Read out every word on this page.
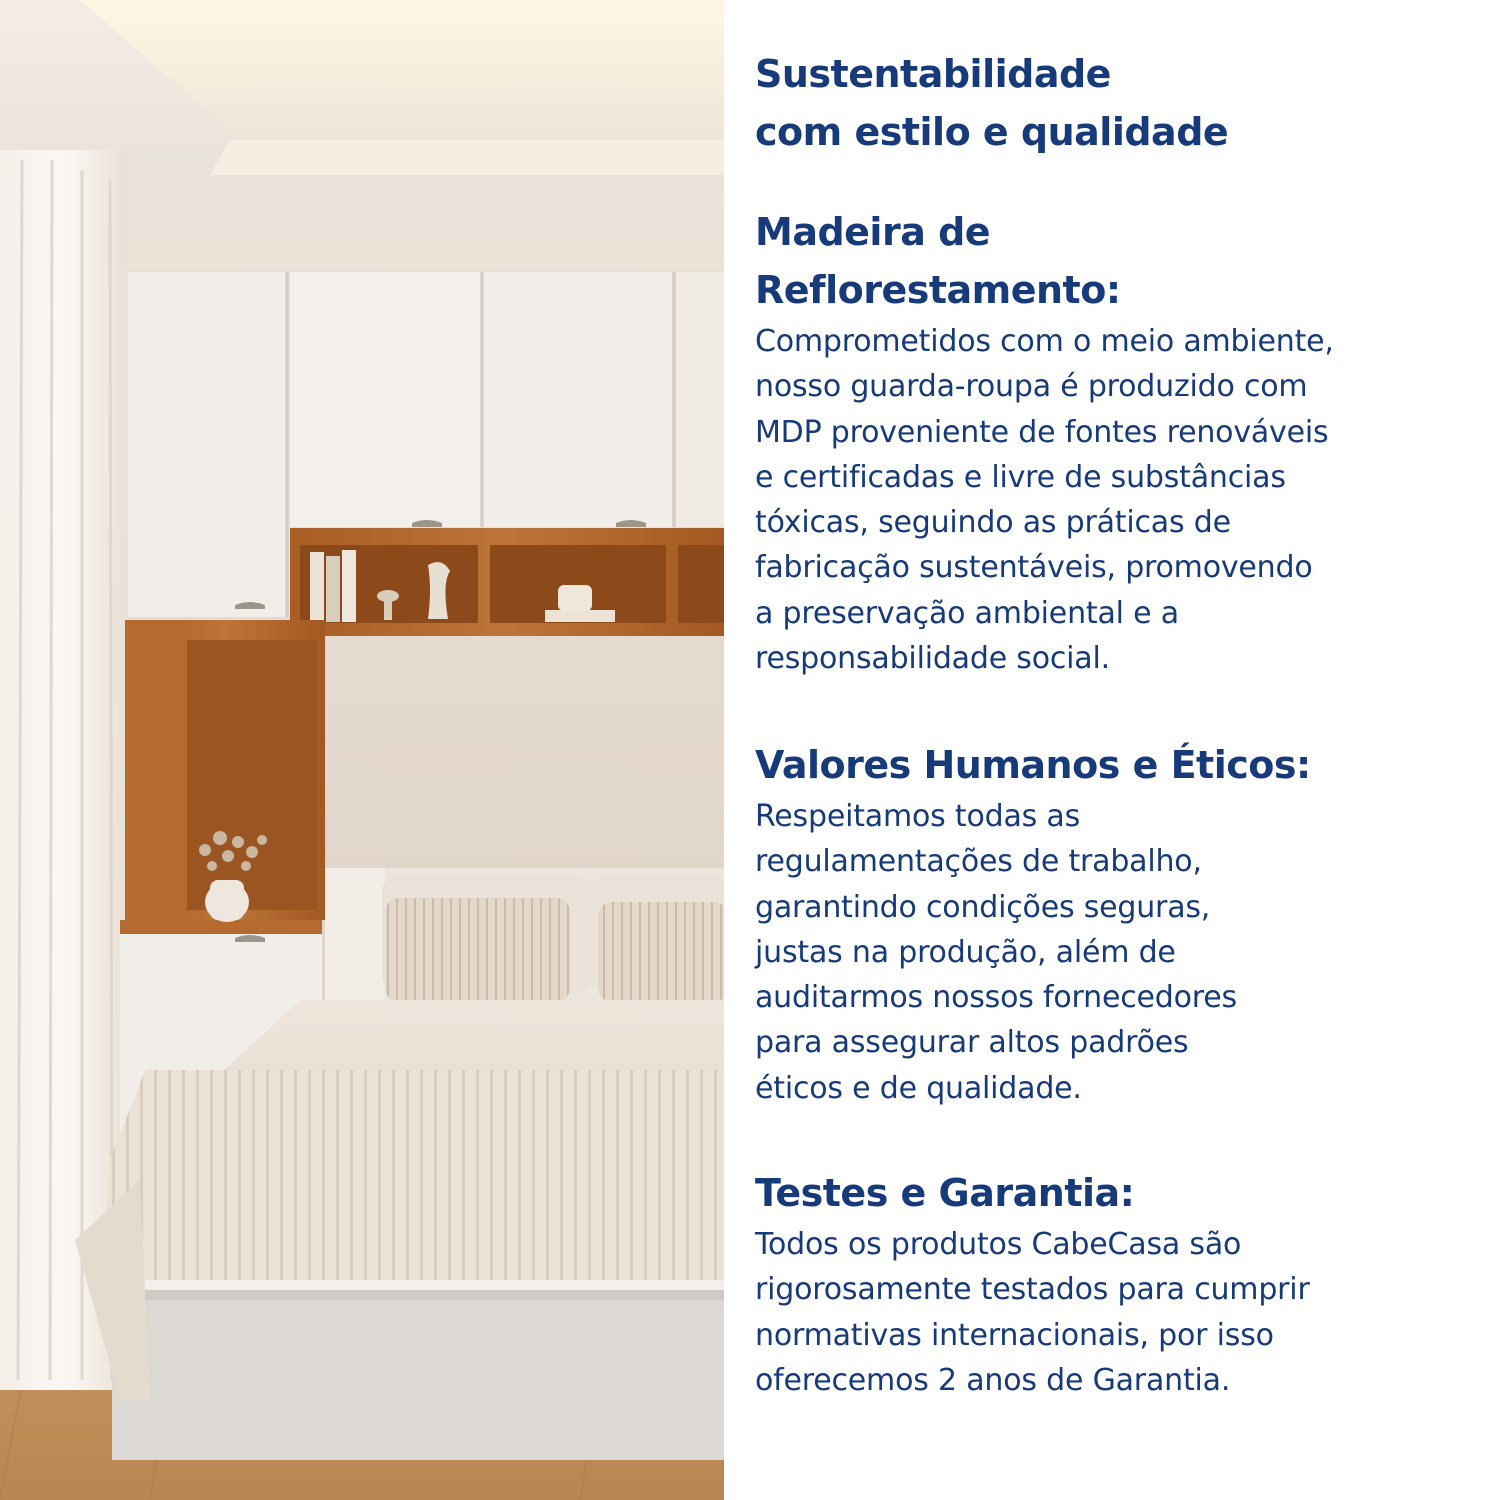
Sustentabilidade
com estilo e qualidade
Madeira de
Reflorestamento:
Comprometidos com o meio ambiente,
nosso guarda-roupa é produzido com
MDP proveniente de fontes renováveis
e certificadas e livre de substâncias
tóxicas, seguindo as práticas de
fabricação sustentáveis, promovendo
a preservação ambiental e a
responsabilidade social.
Valores Humanos e Éticos:
Respeitamos todas as
regulamentações de trabalho,
garantindo condições seguras,
justas na produção, além de
auditarmos nossos fornecedores
para assegurar altos padrões
éticos e de qualidade.
Testes e Garantia:
Todos os produtos CabeCasa são
rigorosamente testados para cumprir
normativas internacionais, por isso
oferecemos 2 anos de Garantia.
